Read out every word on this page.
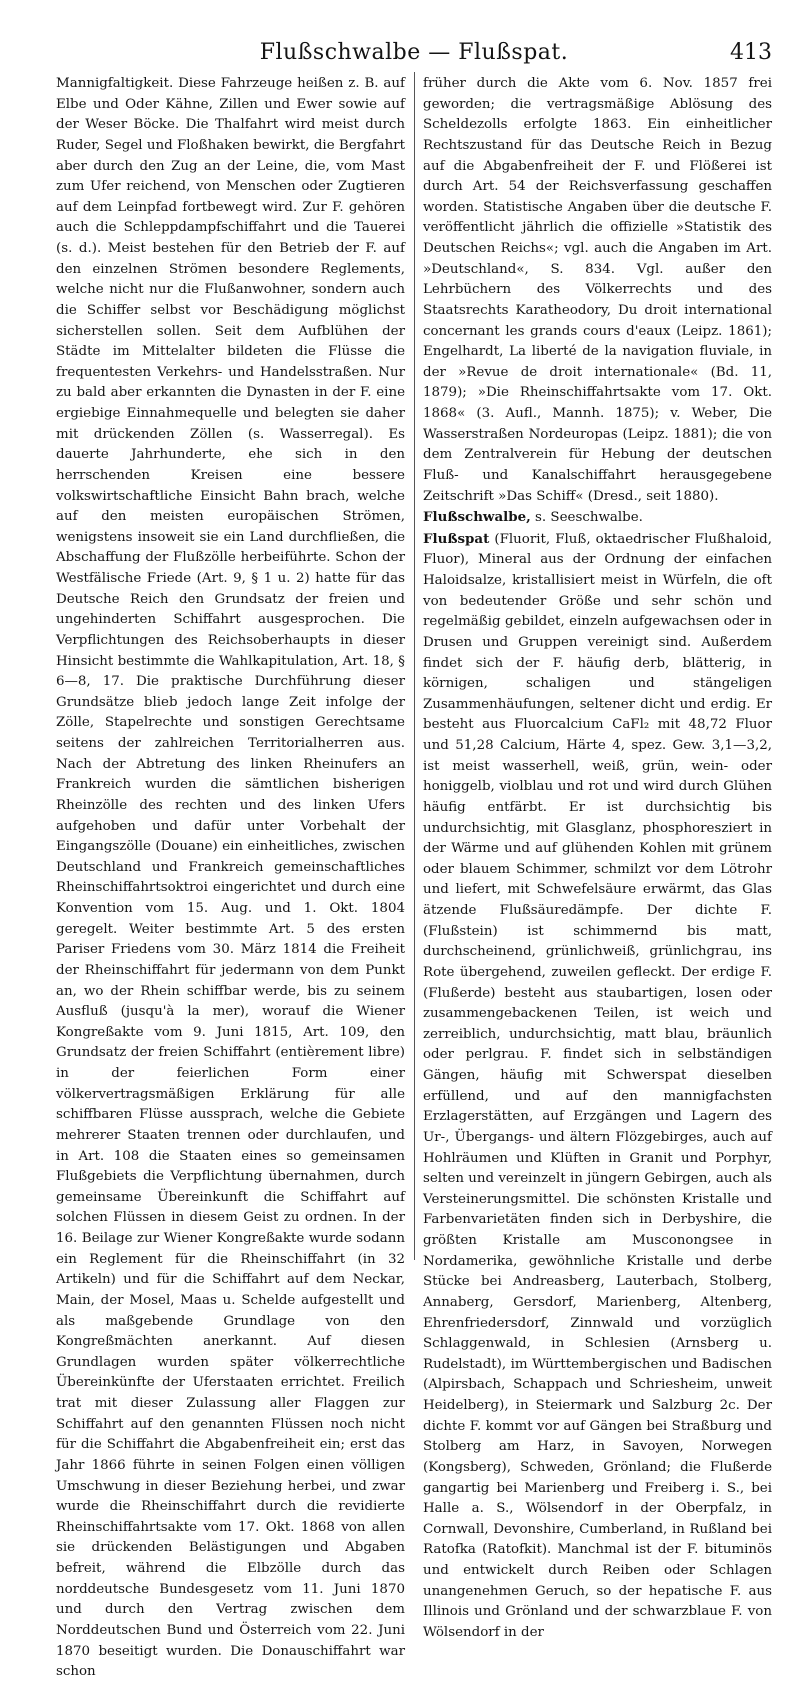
Flußschwalbe — Flußspat.	413

Mannigfaltigkeit. Diese Fahrzeuge heißen z. B. auf Elbe und Oder Kähne, Zillen und Ewer sowie auf der Weser Böcke. Die Thalfahrt wird meist durch Ruder, Segel und Floßhaken bewirkt, die Bergfahrt aber durch den Zug an der Leine, die, vom Mast zum Ufer reichend, von Menschen oder Zugtieren auf dem Leinpfad fortbewegt wird. Zur F. gehören auch die Schleppdampfschiffahrt und die Tauerei (s. d.). Meist bestehen für den Betrieb der F. auf den einzelnen Strömen besondere Reglements, welche nicht nur die Flußanwohner, sondern auch die Schiffer selbst vor Beschädigung möglichst sicherstellen sollen. Seit dem Aufblühen der Städte im Mittelalter bildeten die Flüsse die frequentesten Verkehrs- und Handelsstraßen. Nur zu bald aber erkannten die Dynasten in der F. eine ergiebige Einnahmequelle und belegten sie daher mit drückenden Zöllen (s. Wasserregal). Es dauerte Jahrhunderte, ehe sich in den herrschenden Kreisen eine bessere volkswirtschaftliche Einsicht Bahn brach, welche auf den meisten europäischen Strömen, wenigstens insoweit sie ein Land durchfließen, die Abschaffung der Flußzölle herbeiführte. Schon der Westfälische Friede (Art. 9, § 1 u. 2) hatte für das Deutsche Reich den Grundsatz der freien und ungehinderten Schiffahrt ausgesprochen. Die Verpflichtungen des Reichsoberhaupts in dieser Hinsicht bestimmte die Wahlkapitulation, Art. 18, § 6—8, 17. Die praktische Durchführung dieser Grundsätze blieb jedoch lange Zeit infolge der Zölle, Stapelrechte und sonstigen Gerechtsame seitens der zahlreichen Territorialherren aus. Nach der Abtretung des linken Rheinufers an Frankreich wurden die sämtlichen bisherigen Rheinzölle des rechten und des linken Ufers aufgehoben und dafür unter Vorbehalt der Eingangszölle (Douane) ein einheitliches, zwischen Deutschland und Frankreich gemeinschaftliches Rheinschiffahrtsoktroi eingerichtet und durch eine Konvention vom 15. Aug. und 1. Okt. 1804 geregelt. Weiter bestimmte Art. 5 des ersten Pariser Friedens vom 30. März 1814 die Freiheit der Rheinschiffahrt für jedermann von dem Punkt an, wo der Rhein schiffbar werde, bis zu seinem Ausfluß (jusqu'à la mer), worauf die Wiener Kongreßakte vom 9. Juni 1815, Art. 109, den Grundsatz der freien Schiffahrt (entièrement libre) in der feierlichen Form einer völkervertragsmäßigen Erklärung für alle schiffbaren Flüsse aussprach, welche die Gebiete mehrerer Staaten trennen oder durchlaufen, und in Art. 108 die Staaten eines so gemeinsamen Flußgebiets die Verpflichtung übernahmen, durch gemeinsame Übereinkunft die Schiffahrt auf solchen Flüssen in diesem Geist zu ordnen. In der 16. Beilage zur Wiener Kongreßakte wurde sodann ein Reglement für die Rheinschiffahrt (in 32 Artikeln) und für die Schiffahrt auf dem Neckar, Main, der Mosel, Maas u. Schelde aufgestellt und als maßgebende Grundlage von den Kongreßmächten anerkannt. Auf diesen Grundlagen wurden später völkerrechtliche Übereinkünfte der Uferstaaten errichtet. Freilich trat mit dieser Zulassung aller Flaggen zur Schiffahrt auf den genannten Flüssen noch nicht für die Schiffahrt die Abgabenfreiheit ein; erst das Jahr 1866 führte in seinen Folgen einen völligen Umschwung in dieser Beziehung herbei, und zwar wurde die Rheinschiffahrt durch die revidierte Rheinschiffahrtsakte vom 17. Okt. 1868 von allen sie drückenden Belästigungen und Abgaben befreit, während die Elbzölle durch das norddeutsche Bundesgesetz vom 11. Juni 1870 und durch den Vertrag zwischen dem Norddeutschen Bund und Österreich vom 22. Juni 1870 beseitigt wurden. Die Donauschiffahrt war schon

früher durch die Akte vom 6. Nov. 1857 frei geworden; die vertragsmäßige Ablösung des Scheldezolls erfolgte 1863. Ein einheitlicher Rechtszustand für das Deutsche Reich in Bezug auf die Abgabenfreiheit der F. und Flößerei ist durch Art. 54 der Reichsverfassung geschaffen worden. Statistische Angaben über die deutsche F. veröffentlicht jährlich die offizielle »Statistik des Deutschen Reichs«; vgl. auch die Angaben im Art. »Deutschland«, S. 834. Vgl. außer den Lehrbüchern des Völkerrechts und des Staatsrechts Karatheodory, Du droit international concernant les grands cours d'eaux (Leipz. 1861); Engelhardt, La liberté de la navigation fluviale, in der »Revue de droit internationale« (Bd. 11, 1879); »Die Rheinschiffahrtsakte vom 17. Okt. 1868« (3. Aufl., Mannh. 1875); v. Weber, Die Wasserstraßen Nordeuropas (Leipz. 1881); die von dem Zentralverein für Hebung der deutschen Fluß- und Kanalschiffahrt herausgegebene Zeitschrift »Das Schiff« (Dresd., seit 1880).

Flußschwalbe, s. Seeschwalbe.

Flußspat (Fluorit, Fluß, oktaedrischer Flußhaloid, Fluor), Mineral aus der Ordnung der einfachen Haloidsalze, kristallisiert meist in Würfeln, die oft von bedeutender Größe und sehr schön und regelmäßig gebildet, einzeln aufgewachsen oder in Drusen und Gruppen vereinigt sind. Außerdem findet sich der F. häufig derb, blätterig, in körnigen, schaligen und stängeligen Zusammenhäufungen, seltener dicht und erdig. Er besteht aus Fluorcalcium CaFl₂ mit 48,72 Fluor und 51,28 Calcium, Härte 4, spez. Gew. 3,1—3,2, ist meist wasserhell, weiß, grün, wein- oder honiggelb, violblau und rot und wird durch Glühen häufig entfärbt. Er ist durchsichtig bis undurchsichtig, mit Glasglanz, phosphoresziert in der Wärme und auf glühenden Kohlen mit grünem oder blauem Schimmer, schmilzt vor dem Lötrohr und liefert, mit Schwefelsäure erwärmt, das Glas ätzende Flußsäuredämpfe. Der dichte F. (Flußstein) ist schimmernd bis matt, durchscheinend, grünlichweiß, grünlichgrau, ins Rote übergehend, zuweilen gefleckt. Der erdige F. (Flußerde) besteht aus staubartigen, losen oder zusammengebackenen Teilen, ist weich und zerreiblich, undurchsichtig, matt blau, bräunlich oder perlgrau. F. findet sich in selbständigen Gängen, häufig mit Schwerspat dieselben erfüllend, und auf den mannigfachsten Erzlagerstätten, auf Erzgängen und Lagern des Ur-, Übergangs- und ältern Flözgebirges, auch auf Hohlräumen und Klüften in Granit und Porphyr, selten und vereinzelt in jüngern Gebirgen, auch als Versteinerungsmittel. Die schönsten Kristalle und Farbenvarietäten finden sich in Derbyshire, die größten Kristalle am Musconongsee in Nordamerika, gewöhnliche Kristalle und derbe Stücke bei Andreasberg, Lauterbach, Stolberg, Annaberg, Gersdorf, Marienberg, Altenberg, Ehrenfriedersdorf, Zinnwald und vorzüglich Schlaggenwald, in Schlesien (Arnsberg u. Rudelstadt), im Württembergischen und Badischen (Alpirsbach, Schappach und Schriesheim, unweit Heidelberg), in Steiermark und Salzburg 2c. Der dichte F. kommt vor auf Gängen bei Straßburg und Stolberg am Harz, in Savoyen, Norwegen (Kongsberg), Schweden, Grönland; die Flußerde gangartig bei Marienberg und Freiberg i. S., bei Halle a. S., Wölsendorf in der Oberpfalz, in Cornwall, Devonshire, Cumberland, in Rußland bei Ratofka (Ratofkit). Manchmal ist der F. bituminös und entwickelt durch Reiben oder Schlagen unangenehmen Geruch, so der hepatische F. aus Illinois und Grönland und der schwarzblaue F. von Wölsendorf in der
